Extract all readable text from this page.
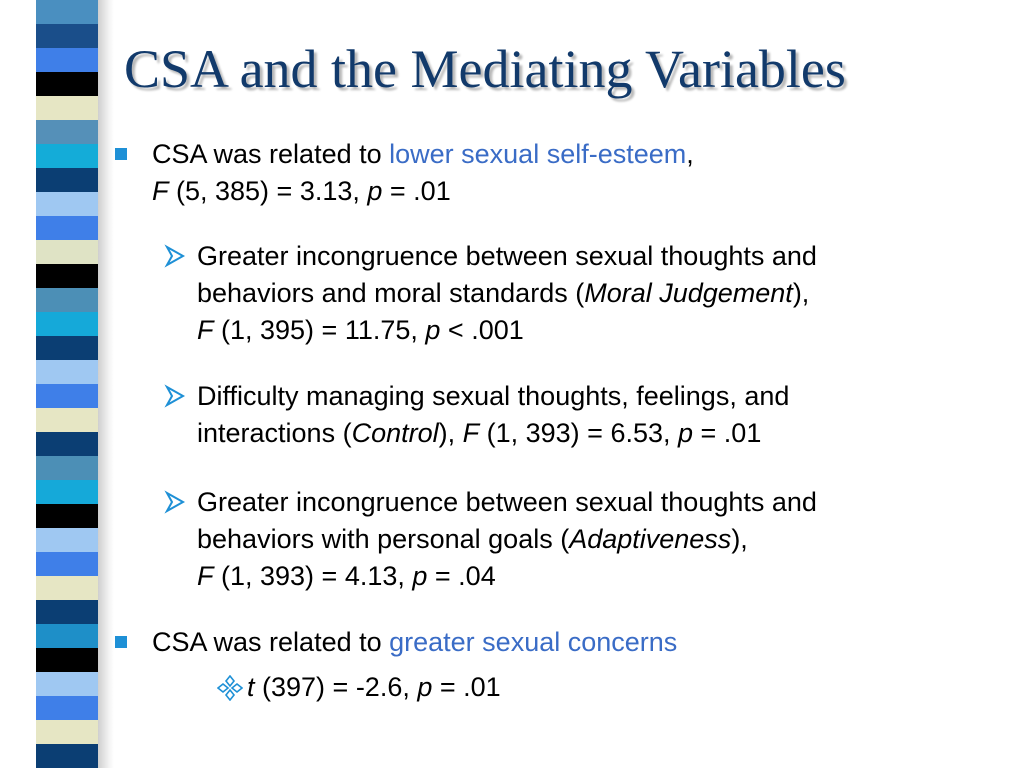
CSA and the Mediating Variables
CSA was related to lower sexual self-esteem,
F (5, 385) = 3.13, p = .01
Greater incongruence between sexual thoughts and
behaviors and moral standards (Moral Judgement),
F (1, 395) = 11.75, p < .001
Difficulty managing sexual thoughts, feelings, and
interactions (Control), F (1, 393) = 6.53, p = .01
Greater incongruence between sexual thoughts and
behaviors with personal goals (Adaptiveness),
F (1, 393) = 4.13, p = .04
CSA was related to greater sexual concerns
t (397) = -2.6, p = .01
